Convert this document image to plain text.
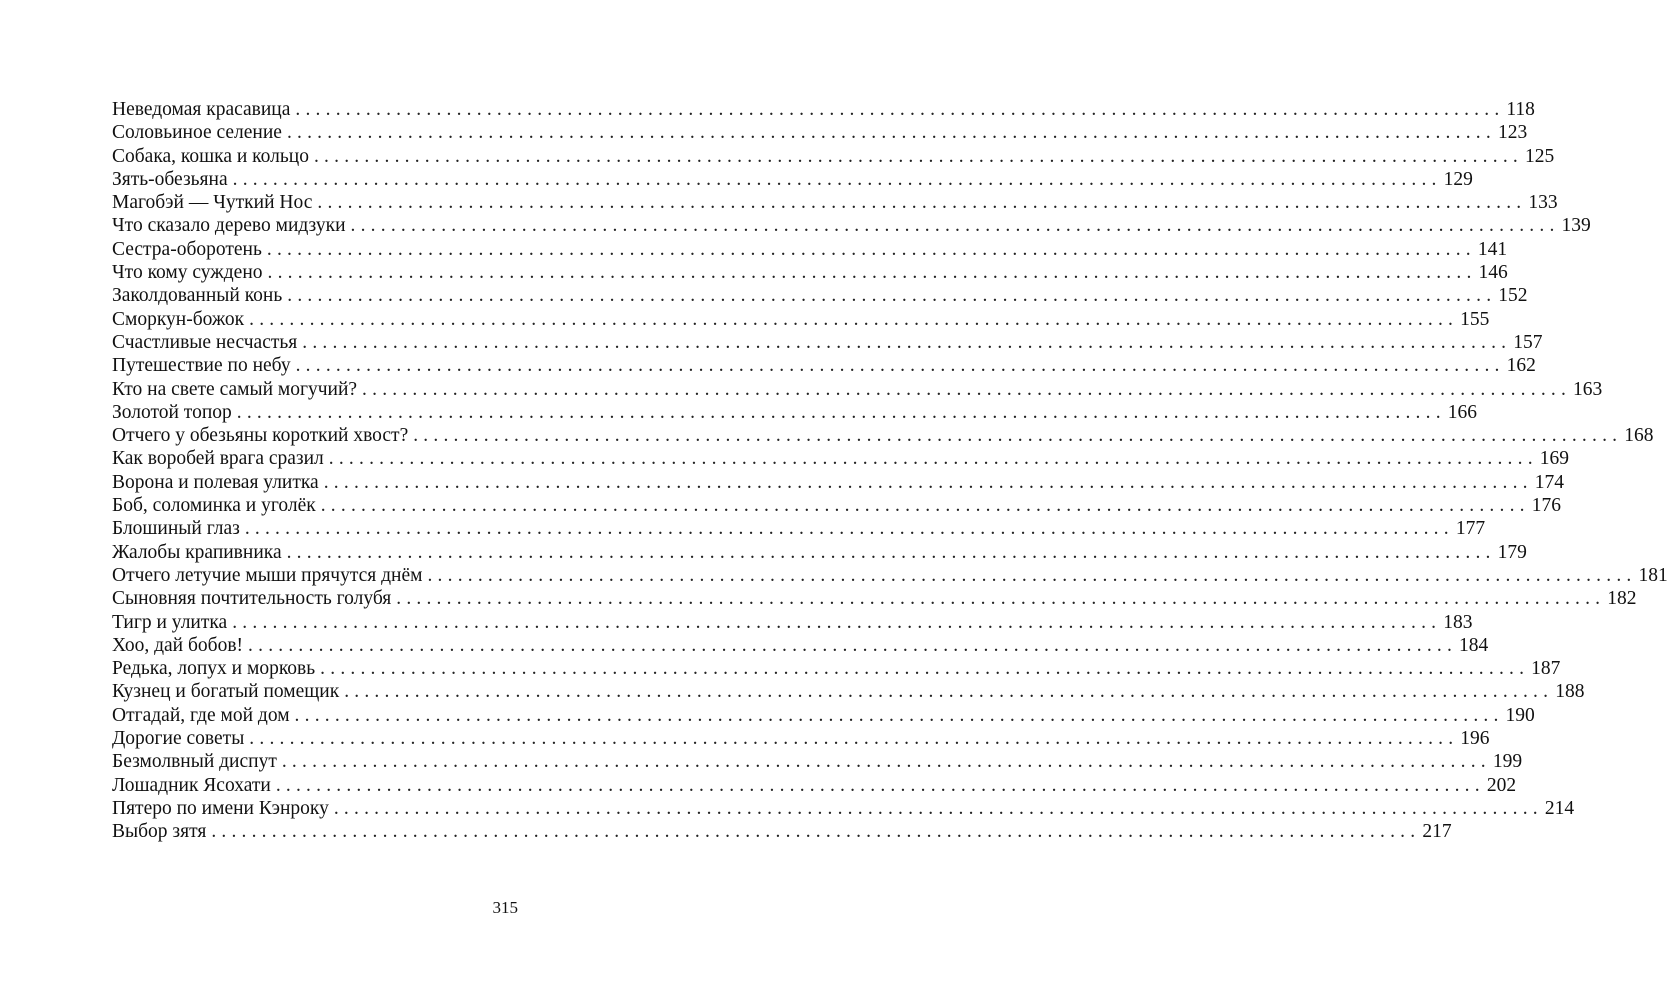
Неведомая красавица ........................................................................................................................ 118
Соловьиное селение ........................................................................................................................ 123
Собака, кошка и кольцо ........................................................................................................................ 125
Зять-обезьяна ........................................................................................................................ 129
Магобэй — Чуткий Нос ........................................................................................................................ 133
Что сказало дерево мидзуки ........................................................................................................................ 139
Сестра-оборотень ........................................................................................................................ 141
Что кому суждено ........................................................................................................................ 146
Заколдованный конь ........................................................................................................................ 152
Сморкун-божок ........................................................................................................................ 155
Счастливые несчастья ........................................................................................................................ 157
Путешествие по небу ........................................................................................................................ 162
Кто на свете самый могучий? ........................................................................................................................ 163
Золотой топор ........................................................................................................................ 166
Отчего у обезьяны короткий хвост? ........................................................................................................................ 168
Как воробей врага сразил ........................................................................................................................ 169
Ворона и полевая улитка ........................................................................................................................ 174
Боб, соломинка и уголёк ........................................................................................................................ 176
Блошиный глаз ........................................................................................................................ 177
Жалобы крапивника ........................................................................................................................ 179
Отчего летучие мыши прячутся днём ........................................................................................................................ 181
Сыновняя почтительность голубя ........................................................................................................................ 182
Тигр и улитка ........................................................................................................................ 183
Хоо, дай бобов! ........................................................................................................................ 184
Редька, лопух и морковь ........................................................................................................................ 187
Кузнец и богатый помещик ........................................................................................................................ 188
Отгадай, где мой дом ........................................................................................................................ 190
Дорогие советы ........................................................................................................................ 196
Безмолвный диспут ........................................................................................................................ 199
Лошадник Ясохати ........................................................................................................................ 202
Пятеро по имени Кэнроку ........................................................................................................................ 214
Выбор зятя ........................................................................................................................ 217
315
